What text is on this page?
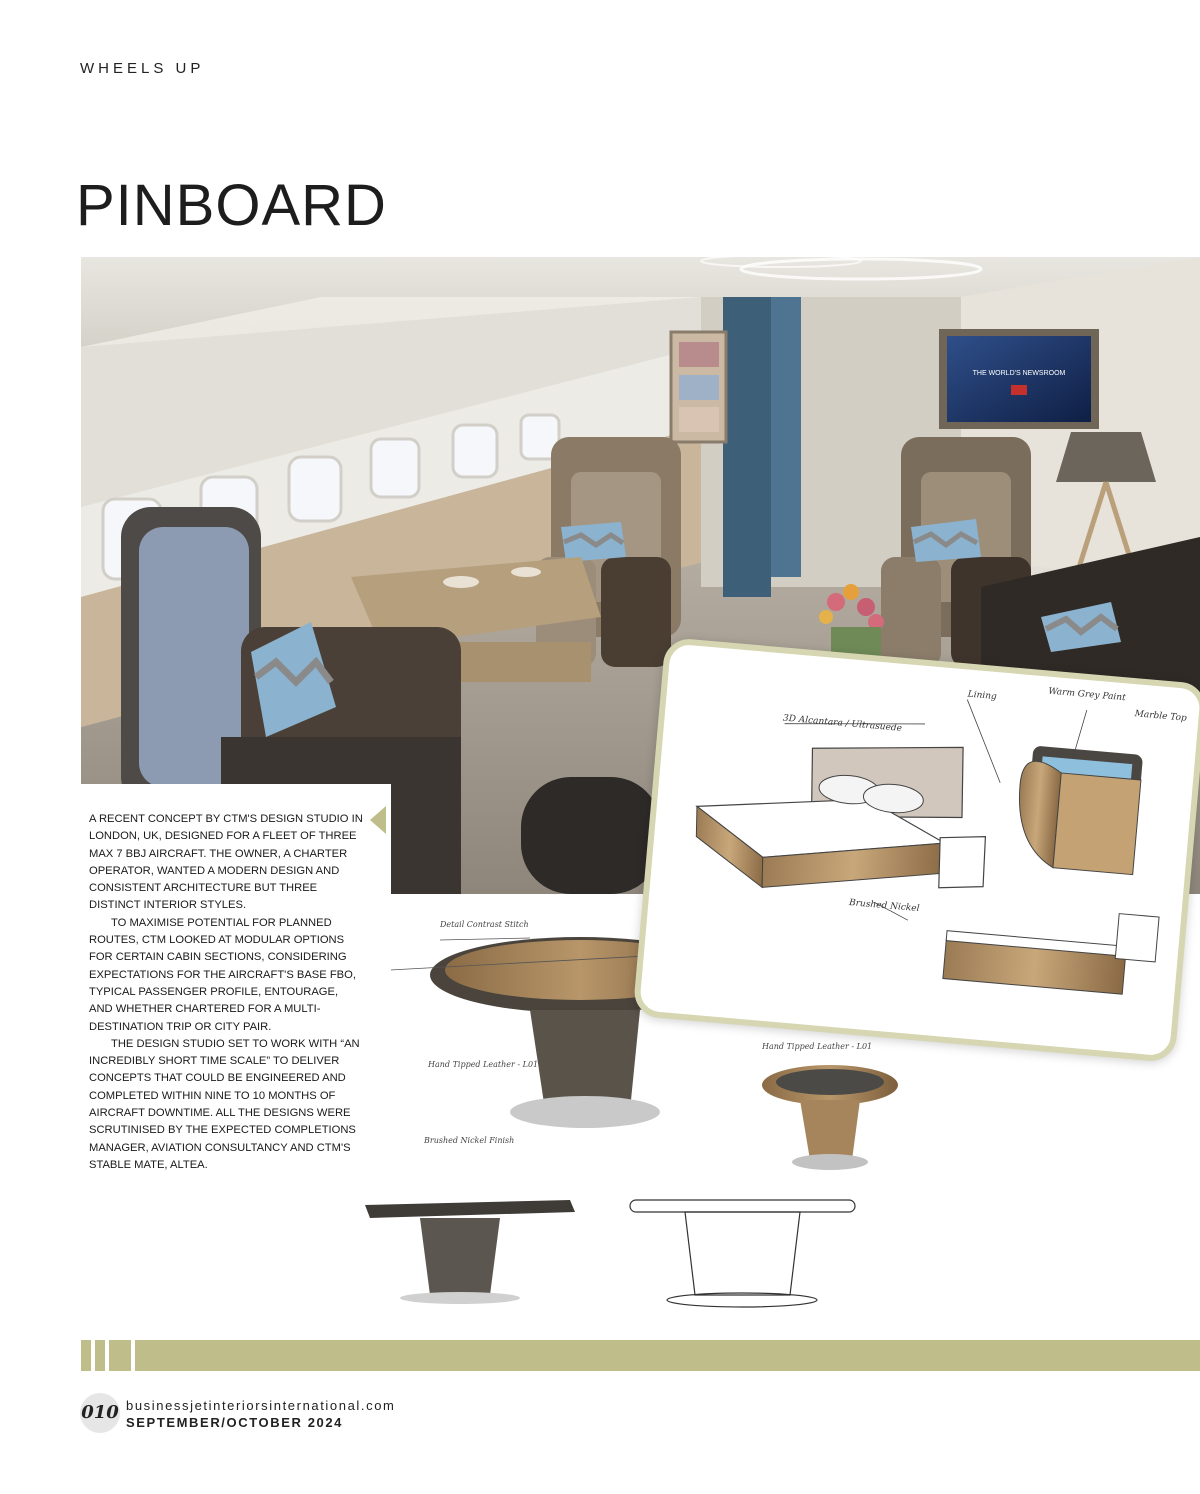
WHEELS UP
PINBOARD
THE WORLD'S NEWSROOM
Detail Contrast Stitch
Hand Tipped Leather - L01
Hand Tipped Leather - L01
Brushed Nickel Finish

A RECENT CONCEPT BY CTM'S DESIGN STUDIO IN LONDON, UK, DESIGNED FOR A FLEET OF THREE MAX 7 BBJ AIRCRAFT. THE OWNER, A CHARTER OPERATOR, WANTED A MODERN DESIGN AND CONSISTENT ARCHITECTURE BUT THREE DISTINCT INTERIOR STYLES.

TO MAXIMISE POTENTIAL FOR PLANNED ROUTES, CTM LOOKED AT MODULAR OPTIONS FOR CERTAIN CABIN SECTIONS, CONSIDERING EXPECTATIONS FOR THE AIRCRAFT'S BASE FBO, TYPICAL PASSENGER PROFILE, ENTOURAGE, AND WHETHER CHARTERED FOR A MULTI-DESTINATION TRIP OR CITY PAIR.

THE DESIGN STUDIO SET TO WORK WITH “AN INCREDIBLY SHORT TIME SCALE” TO DELIVER CONCEPTS THAT COULD BE ENGINEERED AND COMPLETED WITHIN NINE TO 10 MONTHS OF AIRCRAFT DOWNTIME. ALL THE DESIGNS WERE SCRUTINISED BY THE EXPECTED COMPLETIONS MANAGER, AVIATION CONSULTANCY AND CTM'S STABLE MATE, ALTEA.

3D Alcantara / Ultrasuede
Lining	Warm Grey Paint
Marble Top
Brushed Nickel
010 businessjetinteriorsinternational.com
SEPTEMBER/OCTOBER 2024
